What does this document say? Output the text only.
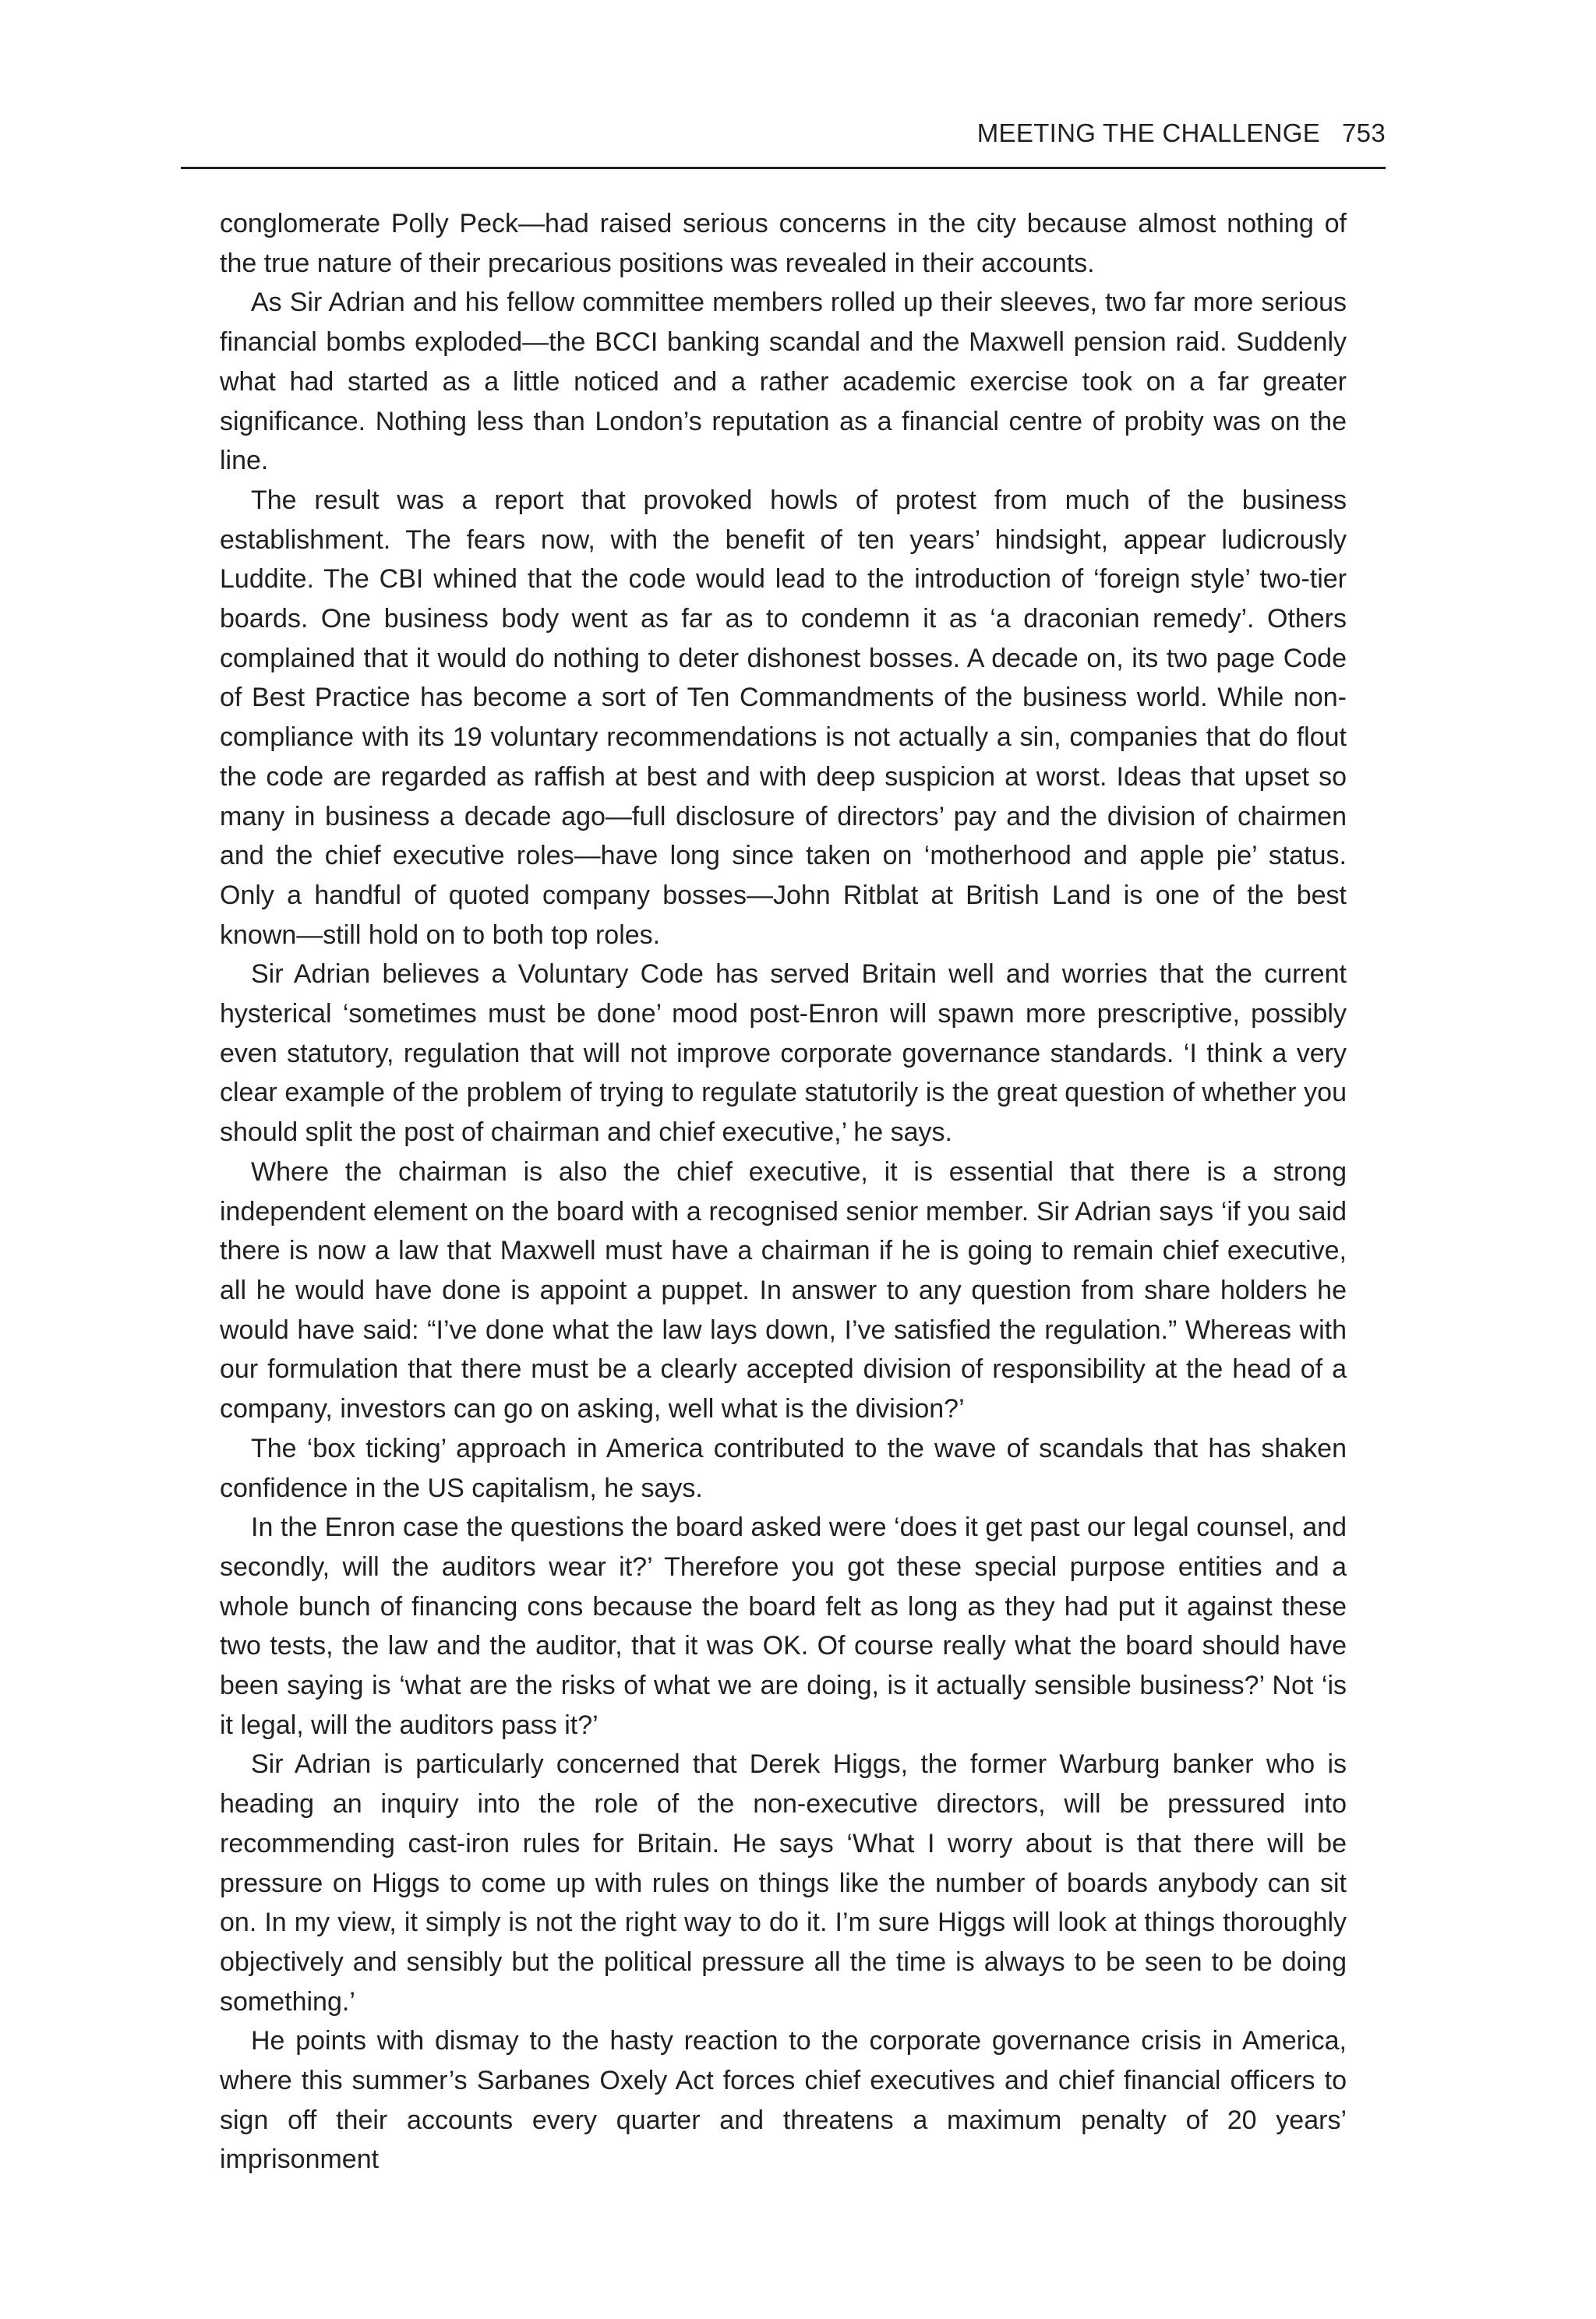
MEETING THE CHALLENGE 753

conglomerate Polly Peck—had raised serious concerns in the city because almost nothing of the true nature of their precarious positions was revealed in their accounts.

As Sir Adrian and his fellow committee members rolled up their sleeves, two far more serious financial bombs exploded—the BCCI banking scandal and the Maxwell pension raid. Suddenly what had started as a little noticed and a rather academic exercise took on a far greater significance. Nothing less than London’s reputation as a financial centre of probity was on the line.

The result was a report that provoked howls of protest from much of the business establishment. The fears now, with the benefit of ten years’ hindsight, appear ludicrously Luddite. The CBI whined that the code would lead to the introduction of ‘foreign style’ two-tier boards. One business body went as far as to condemn it as ‘a draconian remedy’. Others complained that it would do nothing to deter dishonest bosses. A decade on, its two page Code of Best Practice has become a sort of Ten Commandments of the business world. While non-compliance with its 19 voluntary recommendations is not actually a sin, companies that do flout the code are regarded as raffish at best and with deep suspicion at worst. Ideas that upset so many in business a decade ago—full disclosure of directors’ pay and the division of chairmen and the chief executive roles—have long since taken on ‘motherhood and apple pie’ status. Only a handful of quoted company bosses—John Ritblat at British Land is one of the best known—still hold on to both top roles.

Sir Adrian believes a Voluntary Code has served Britain well and worries that the current hysterical ‘sometimes must be done’ mood post-Enron will spawn more prescriptive, possibly even statutory, regulation that will not improve corporate governance standards. ‘I think a very clear example of the problem of trying to regulate statutorily is the great question of whether you should split the post of chairman and chief executive,’ he says.

Where the chairman is also the chief executive, it is essential that there is a strong independent element on the board with a recognised senior member. Sir Adrian says ‘if you said there is now a law that Maxwell must have a chairman if he is going to remain chief executive, all he would have done is appoint a puppet. In answer to any question from share holders he would have said: “I’ve done what the law lays down, I’ve satisfied the regulation.” Whereas with our formulation that there must be a clearly accepted division of responsibility at the head of a company, investors can go on asking, well what is the division?’

The ‘box ticking’ approach in America contributed to the wave of scandals that has shaken confidence in the US capitalism, he says.

In the Enron case the questions the board asked were ‘does it get past our legal counsel, and secondly, will the auditors wear it?’ Therefore you got these special purpose entities and a whole bunch of financing cons because the board felt as long as they had put it against these two tests, the law and the auditor, that it was OK. Of course really what the board should have been saying is ‘what are the risks of what we are doing, is it actually sensible business?’ Not ‘is it legal, will the auditors pass it?’

Sir Adrian is particularly concerned that Derek Higgs, the former Warburg banker who is heading an inquiry into the role of the non-executive directors, will be pressured into recommending cast-iron rules for Britain. He says ‘What I worry about is that there will be pressure on Higgs to come up with rules on things like the number of boards anybody can sit on. In my view, it simply is not the right way to do it. I’m sure Higgs will look at things thoroughly objectively and sensibly but the political pressure all the time is always to be seen to be doing something.’

He points with dismay to the hasty reaction to the corporate governance crisis in America, where this summer’s Sarbanes Oxely Act forces chief executives and chief financial officers to sign off their accounts every quarter and threatens a maximum penalty of 20 years’ imprisonment
